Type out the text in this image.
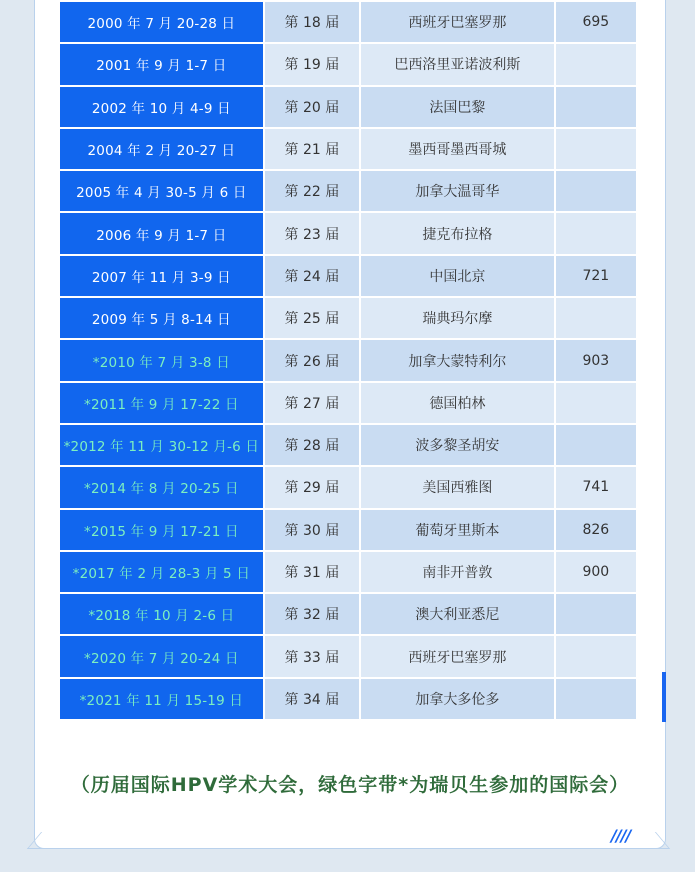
2000 年 7 月 20-28 日	第 18 届	西班牙巴塞罗那	695
2001 年 9 月 1-7 日	第 19 届	巴西洛里亚诺波利斯	
2002 年 10 月 4-9 日	第 20 届	法国巴黎	
2004 年 2 月 20-27 日	第 21 届	墨西哥墨西哥城	
2005 年 4 月 30-5 月 6 日	第 22 届	加拿大温哥华	
2006 年 9 月 1-7 日	第 23 届	捷克布拉格	
2007 年 11 月 3-9 日	第 24 届	中国北京	721
2009 年 5 月 8-14 日	第 25 届	瑞典玛尔摩	
*2010 年 7 月 3-8 日	第 26 届	加拿大蒙特利尔	903
*2011 年 9 月 17-22 日	第 27 届	德国柏林	
*2012 年 11 月 30-12 月-6 日	第 28 届	波多黎圣胡安	
*2014 年 8 月 20-25 日	第 29 届	美国西雅图	741
*2015 年 9 月 17-21 日	第 30 届	葡萄牙里斯本	826
*2017 年 2 月 28-3 月 5 日	第 31 届	南非开普敦	900
*2018 年 10 月 2-6 日	第 32 届	澳大利亚悉尼	
*2020 年 7 月 20-24 日	第 33 届	西班牙巴塞罗那	
*2021 年 11 月 15-19 日	第 34 届	加拿大多伦多	
（历届国际HPV学术大会，绿色字带*为瑞贝生参加的国际会）
////
